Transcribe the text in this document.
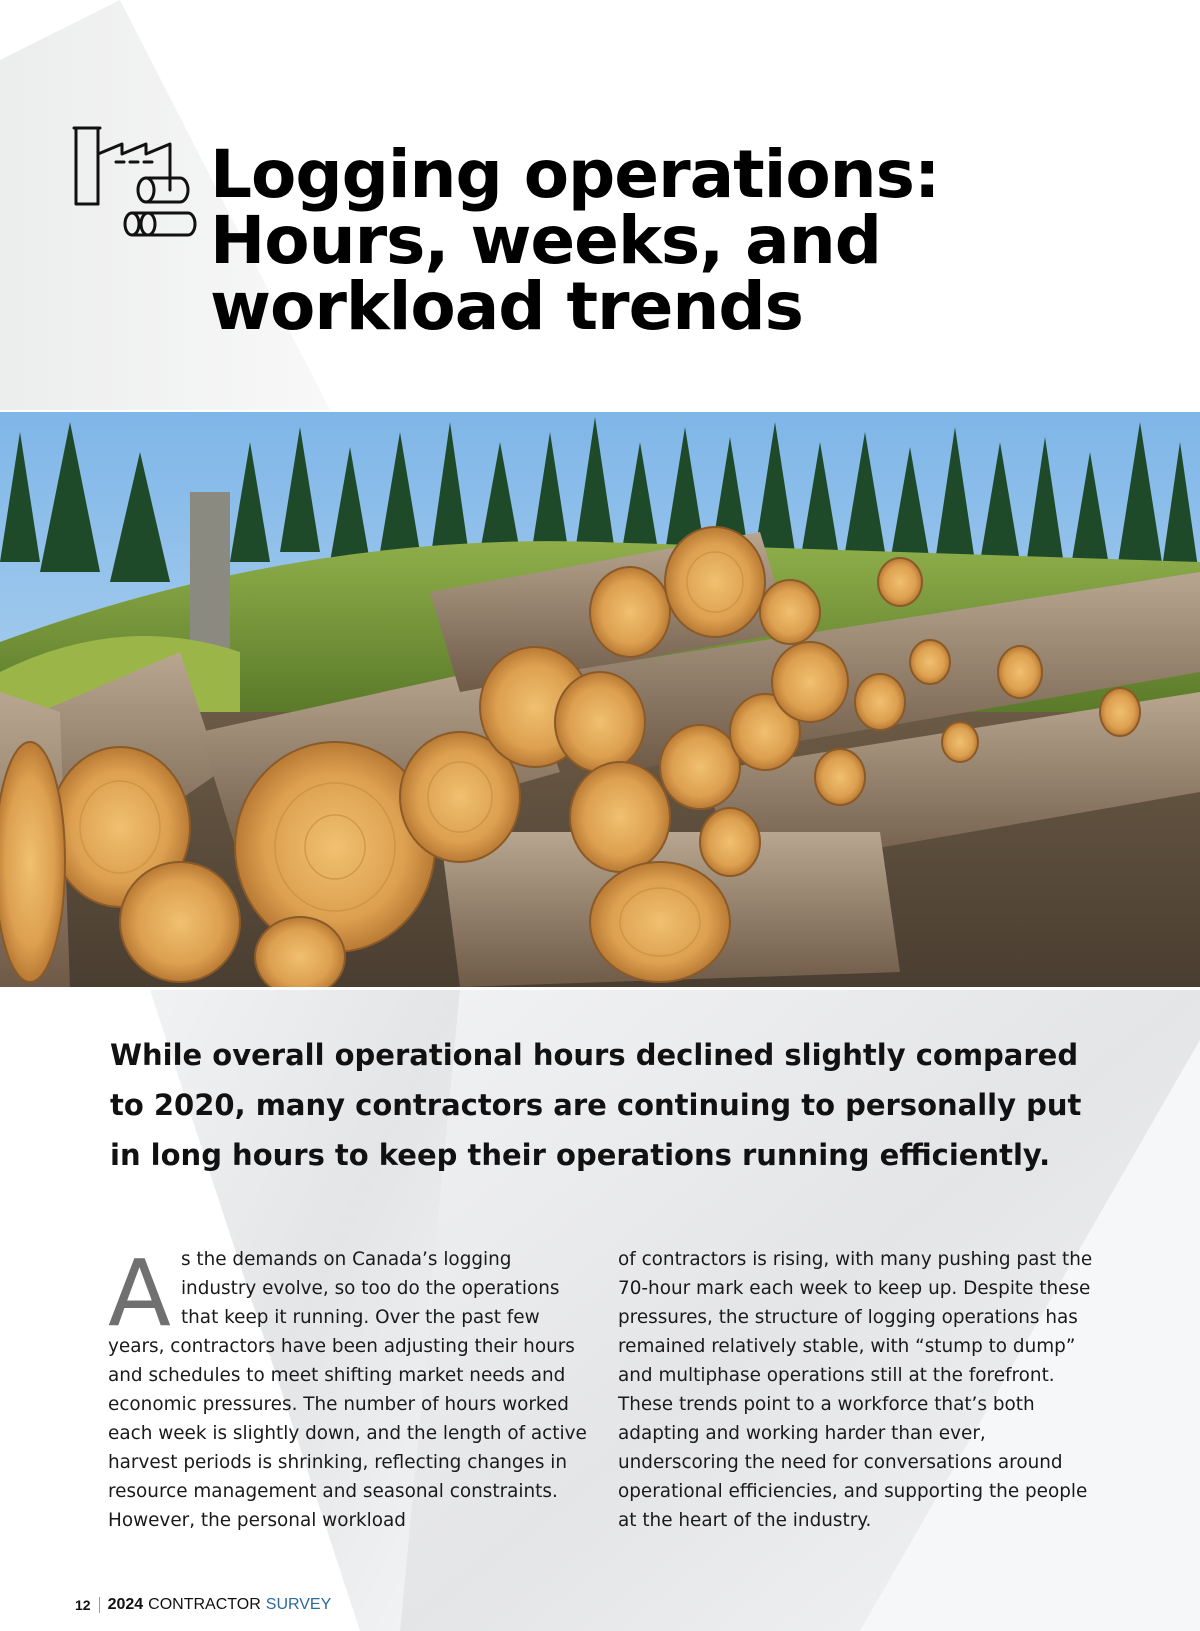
Logging operations:
Hours, weeks, and
workload trends

While overall operational hours declined slightly compared to 2020, many contractors are continuing to personally put in long hours to keep their operations running efficiently.

As the demands on Canada’s logging industry evolve, so too do the operations that keep it running. Over the past few years, contractors have been adjusting their hours and schedules to meet shifting market needs and economic pressures. The number of hours worked each week is slightly down, and the length of active harvest periods is shrinking, reflecting changes in resource management and seasonal constraints. However, the personal workload
of contractors is rising, with many pushing past the 70-hour mark each week to keep up. Despite these pressures, the structure of logging operations has remained relatively stable, with “stump to dump” and multiphase operations still at the forefront. These trends point to a workforce that’s both adapting and working harder than ever, underscoring the need for conversations around operational efficiencies, and supporting the people at the heart of the industry.
12 2024 CONTRACTOR SURVEY
